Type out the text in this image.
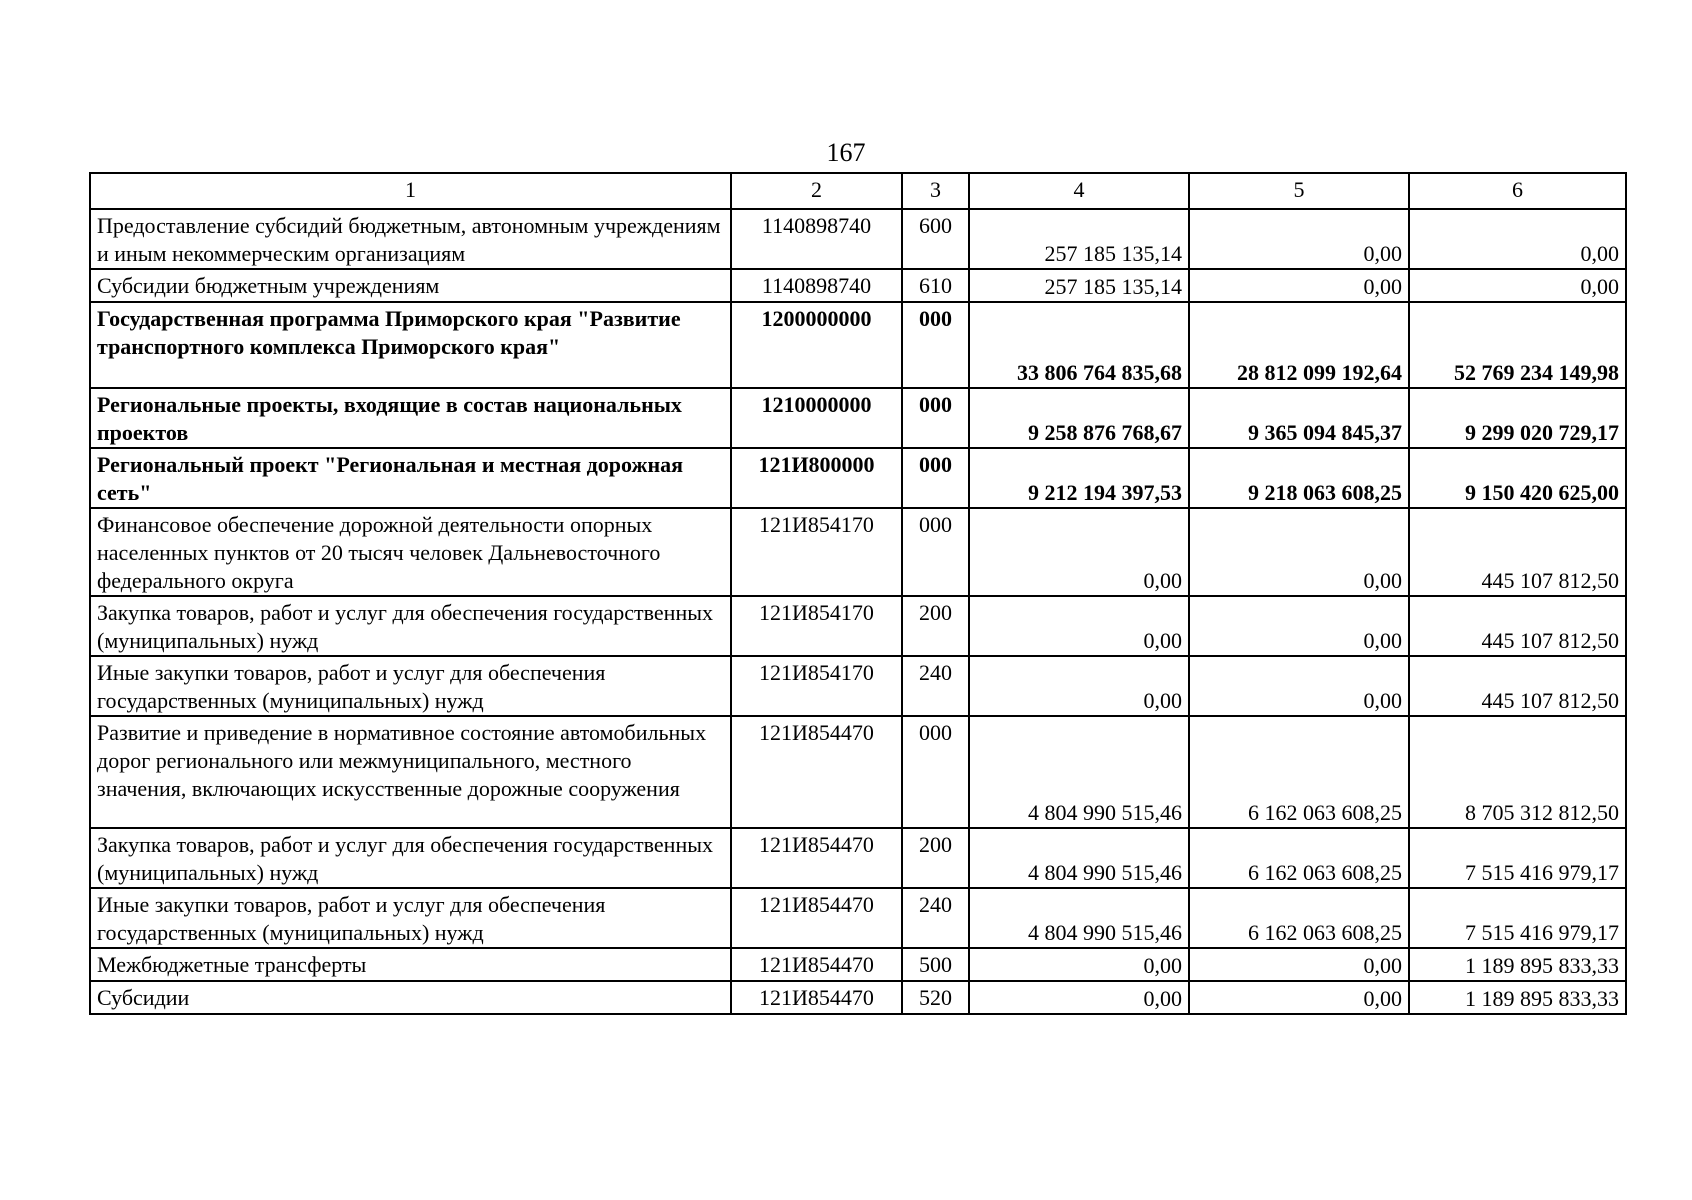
167
1	2	3	4	5	6
Предоставление субсидий бюджетным, автономным учреждениям и иным некоммерческим организациям	1140898740	600	257 185 135,14	0,00	0,00
Субсидии бюджетным учреждениям	1140898740	610	257 185 135,14	0,00	0,00
Государственная программа Приморского края "Развитие транспортного комплекса Приморского края"	1200000000	000	33 806 764 835,68	28 812 099 192,64	52 769 234 149,98
Региональные проекты, входящие в состав национальных проектов	1210000000	000	9 258 876 768,67	9 365 094 845,37	9 299 020 729,17
Региональный проект "Региональная и местная дорожная сеть"	121И800000	000	9 212 194 397,53	9 218 063 608,25	9 150 420 625,00
Финансовое обеспечение дорожной деятельности опорных населенных пунктов от 20 тысяч человек Дальневосточного федерального округа	121И854170	000	0,00	0,00	445 107 812,50
Закупка товаров, работ и услуг для обеспечения государственных (муниципальных) нужд	121И854170	200	0,00	0,00	445 107 812,50
Иные закупки товаров, работ и услуг для обеспечения государственных (муниципальных) нужд	121И854170	240	0,00	0,00	445 107 812,50
Развитие и приведение в нормативное состояние автомобильных дорог регионального или межмуниципального, местного значения, включающих искусственные дорожные сооружения	121И854470	000	4 804 990 515,46	6 162 063 608,25	8 705 312 812,50
Закупка товаров, работ и услуг для обеспечения государственных (муниципальных) нужд	121И854470	200	4 804 990 515,46	6 162 063 608,25	7 515 416 979,17
Иные закупки товаров, работ и услуг для обеспечения государственных (муниципальных) нужд	121И854470	240	4 804 990 515,46	6 162 063 608,25	7 515 416 979,17
Межбюджетные трансферты	121И854470	500	0,00	0,00	1 189 895 833,33
Субсидии	121И854470	520	0,00	0,00	1 189 895 833,33
